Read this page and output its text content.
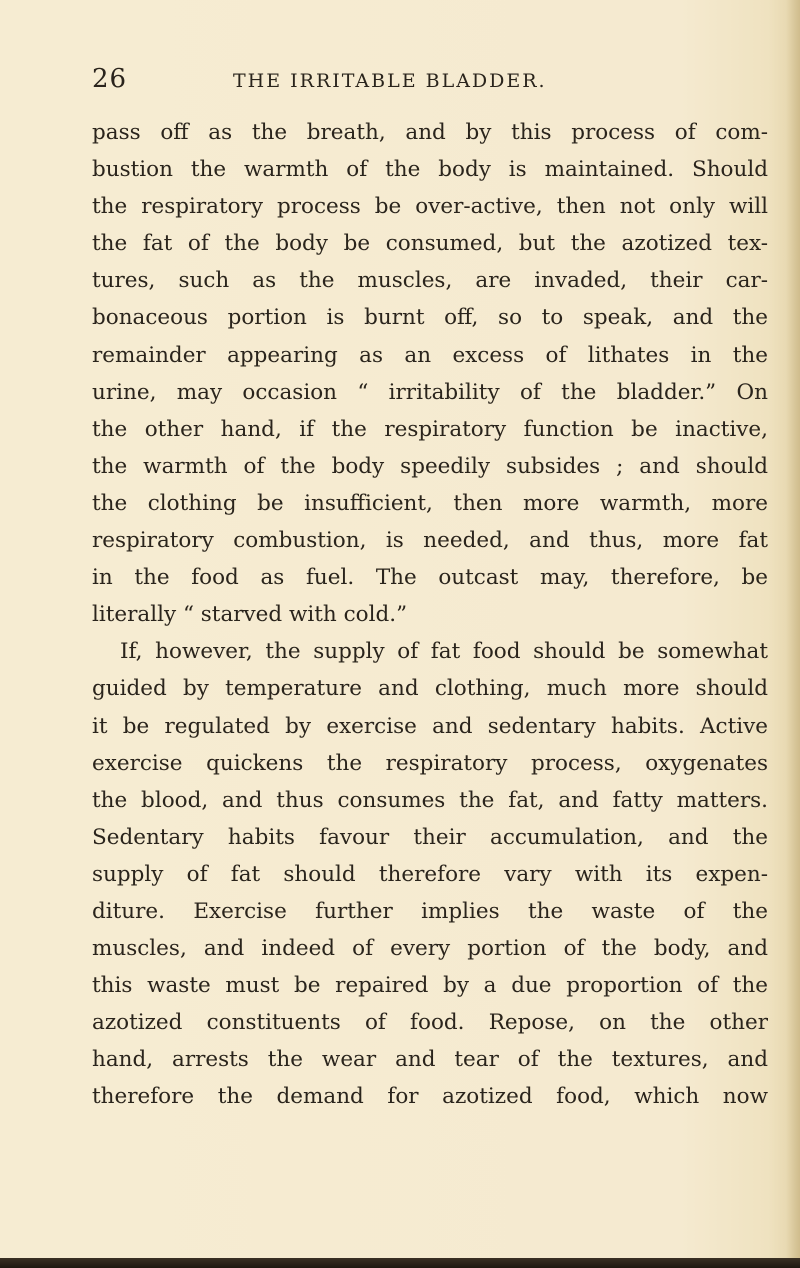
26	THE IRRITABLE BLADDER.
pass off as the breath, and by this process of com-
bustion the warmth of the body is maintained. Should
the respiratory process be over-active, then not only will
the fat of the body be consumed, but the azotized tex-
tures, such as the muscles, are invaded, their car-
bonaceous portion is burnt off, so to speak, and the
remainder appearing as an excess of lithates in the
urine, may occasion “ irritability of the bladder.” On
the other hand, if the respiratory function be inactive,
the warmth of the body speedily subsides ; and should
the clothing be insufficient, then more warmth, more
respiratory combustion, is needed, and thus, more fat
in the food as fuel. The outcast may, therefore, be
literally “ starved with cold.”
If, however, the supply of fat food should be somewhat
guided by temperature and clothing, much more should
it be regulated by exercise and sedentary habits. Active
exercise quickens the respiratory process, oxygenates
the blood, and thus consumes the fat, and fatty matters.
Sedentary habits favour their accumulation, and the
supply of fat should therefore vary with its expen-
diture. Exercise further implies the waste of the
muscles, and indeed of every portion of the body, and
this waste must be repaired by a due proportion of the
azotized constituents of food. Repose, on the other
hand, arrests the wear and tear of the textures, and
therefore the demand for azotized food, which now
